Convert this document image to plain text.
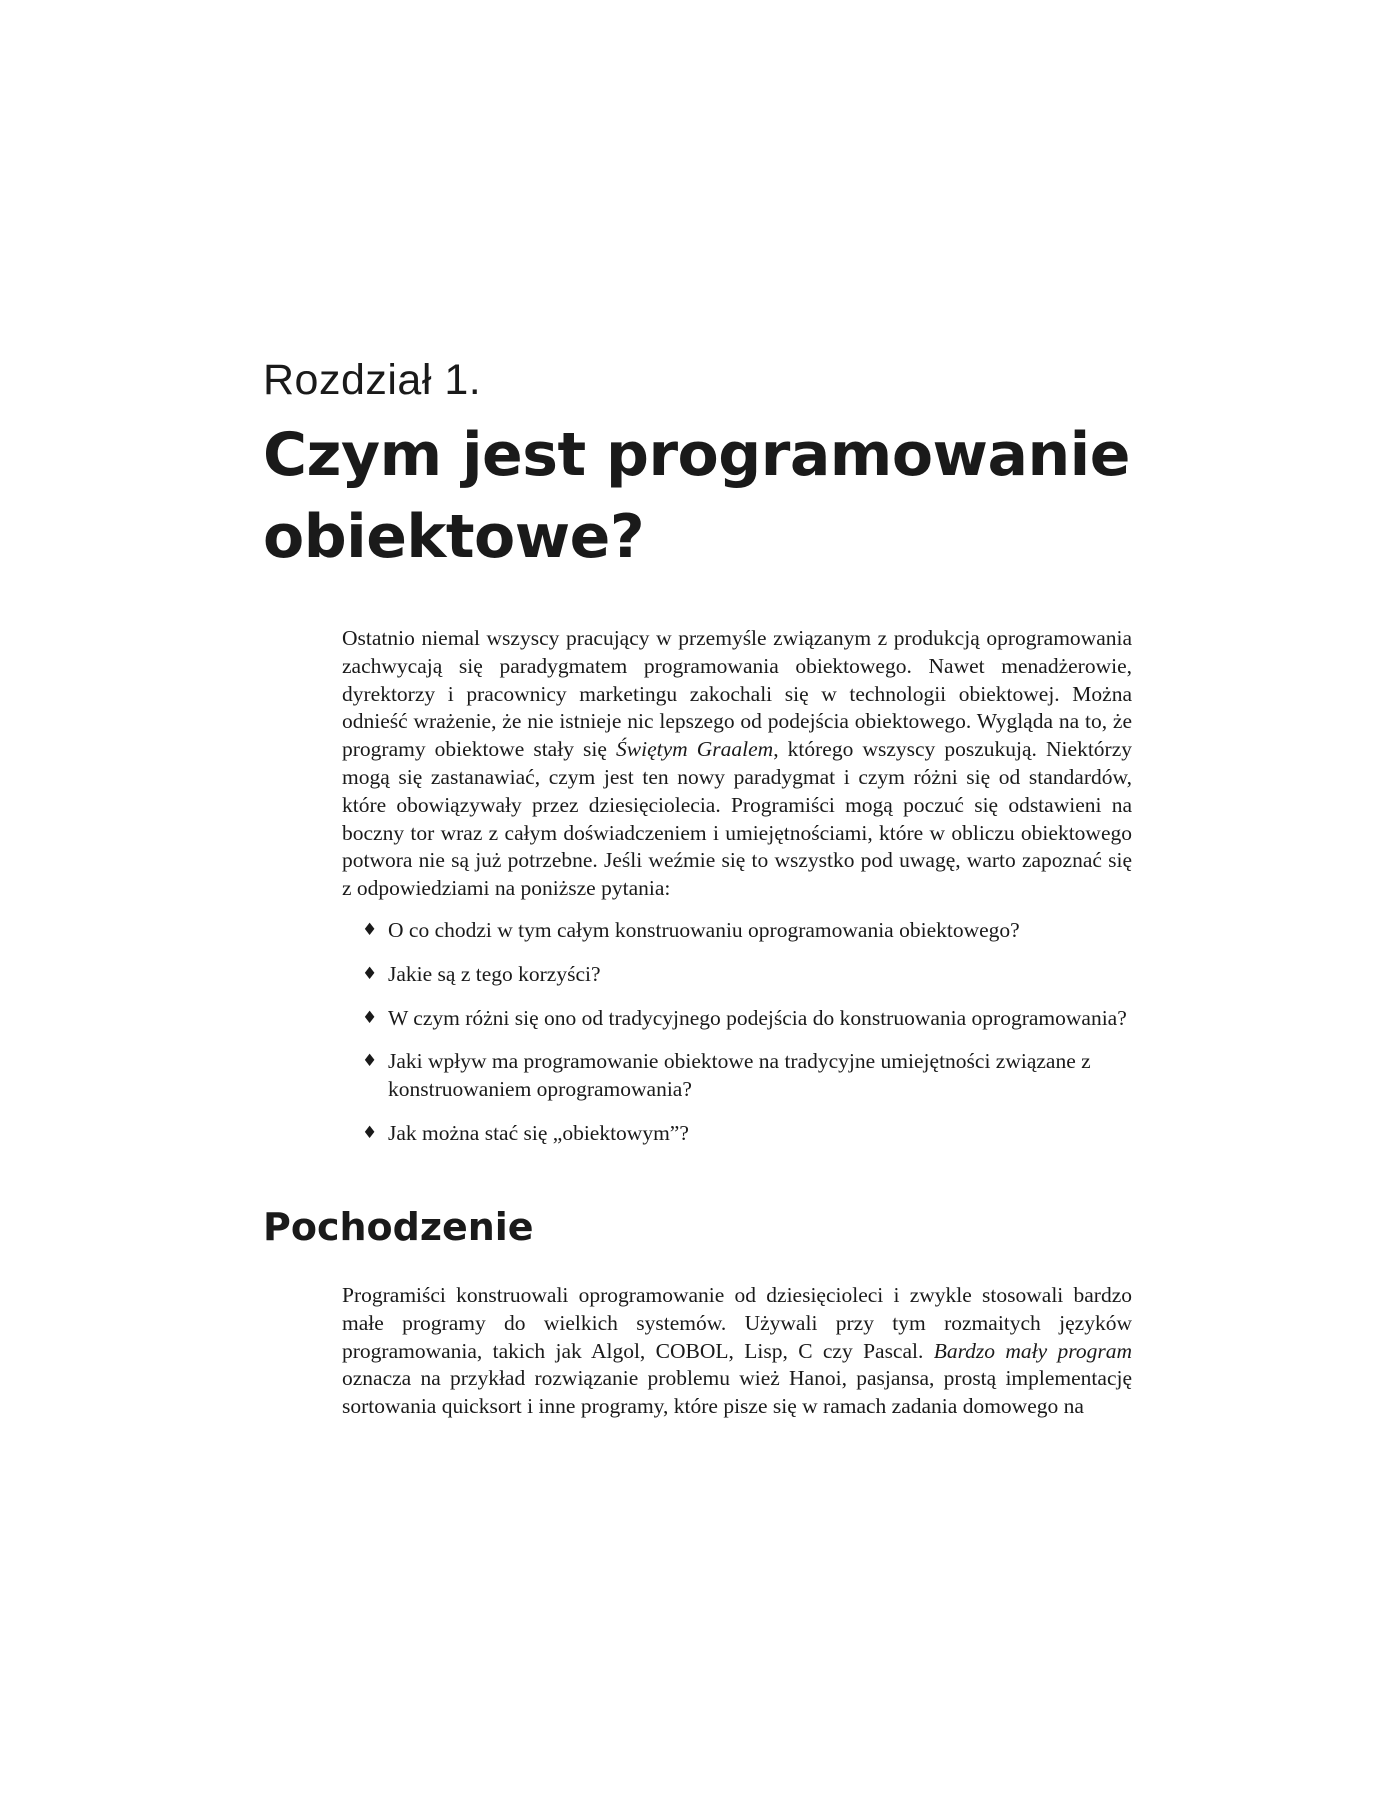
Rozdział 1.
Czym jest programowanie
obiektowe?

Ostatnio niemal wszyscy pracujący w przemyśle związanym z produkcją oprogramowania zachwycają się paradygmatem programowania obiektowego. Nawet menadżerowie, dyrektorzy i pracownicy marketingu zakochali się w technologii obiektowej. Można odnieść wrażenie, że nie istnieje nic lepszego od podejścia obiektowego. Wygląda na to, że programy obiektowe stały się Świętym Graalem, którego wszyscy poszukują. Niektórzy mogą się zastanawiać, czym jest ten nowy paradygmat i czym różni się od standardów, które obowiązywały przez dziesięciolecia. Programiści mogą poczuć się odstawieni na boczny tor wraz z całym doświadczeniem i umiejętnościami, które w obliczu obiektowego potwora nie są już potrzebne. Jeśli weźmie się to wszystko pod uwagę, warto zapoznać się z odpowiedziami na poniższe pytania:

♦ O co chodzi w tym całym konstruowaniu oprogramowania obiektowego?
♦ Jakie są z tego korzyści?
♦ W czym różni się ono od tradycyjnego podejścia do konstruowania oprogramowania?
♦ Jaki wpływ ma programowanie obiektowe na tradycyjne umiejętności związane z konstruowaniem oprogramowania?
♦ Jak można stać się „obiektowym”?
Pochodzenie

Programiści konstruowali oprogramowanie od dziesięcioleci i zwykle stosowali bardzo małe programy do wielkich systemów. Używali przy tym rozmaitych języków programowania, takich jak Algol, COBOL, Lisp, C czy Pascal. Bardzo mały program oznacza na przykład rozwiązanie problemu wież Hanoi, pasjansa, prostą implementację sortowania quicksort i inne programy, które pisze się w ramach zadania domowego na
